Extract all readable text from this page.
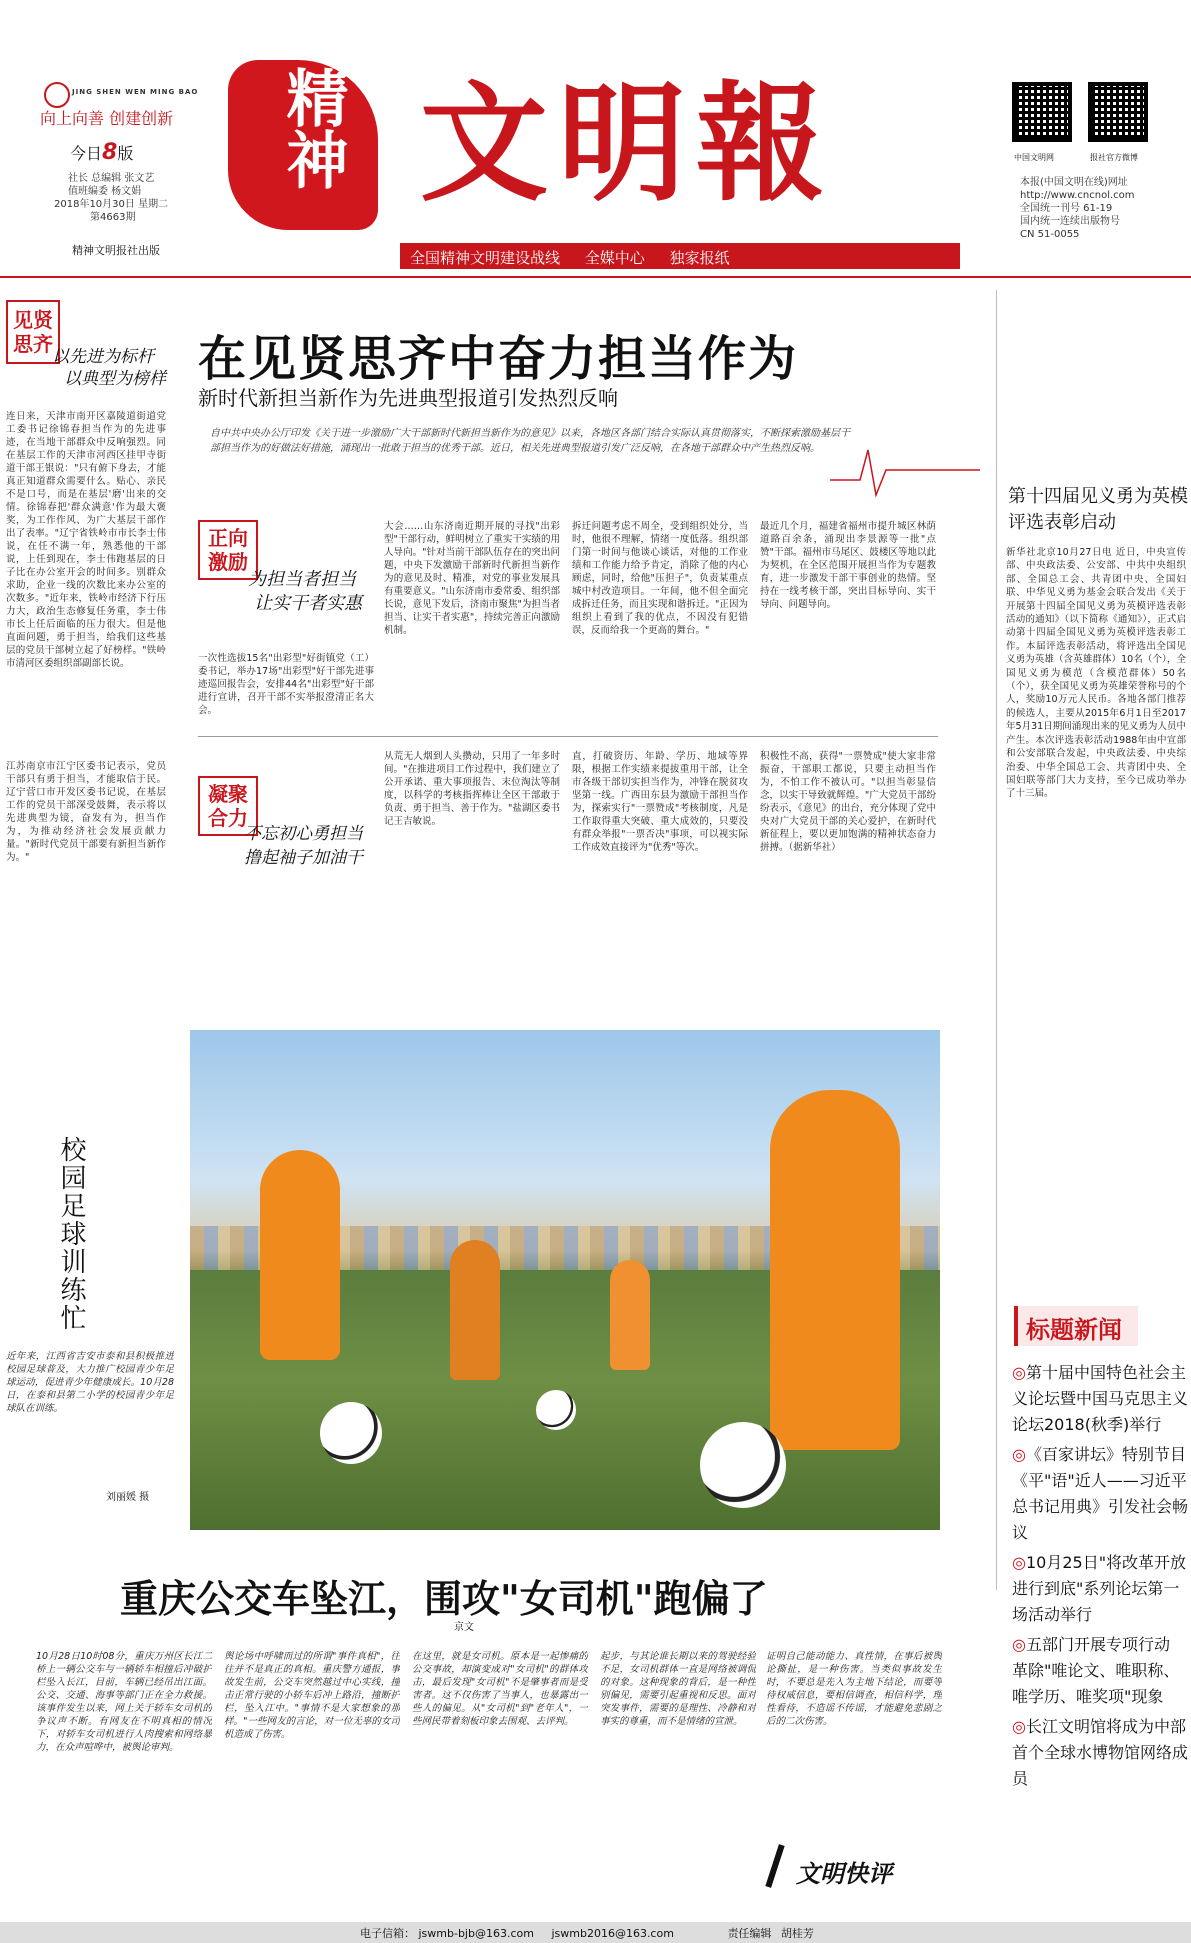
JING SHEN WEN MING BAO
向上向善 创建创新
今日8版
社长 总编辑 张文艺
值班编委 杨文娟
2018年10月30日 星期二
第4663期
精神文明报社出版
精神 文明報
全国精神文明建设战线 全媒中心 独家报纸
中国文明网	报社官方微博
本报(中国文明在线)网址
http://www.cncnol.com
全国统一刊号 61-19
国内统一连续出版物号
CN 51-0055
见贤思齐
以先进为标杆
以典型为榜样 在见贤思齐中奋力担当作为
新时代新担当新作为先进典型报道引发热烈反响
自中共中央办公厅印发《关于进一步激励广大干部新时代新担当新作为的意见》以来，各地区各部门结合实际认真贯彻落实，不断探索激励基层干部担当作为的好做法好措施，涌现出一批敢于担当的优秀干部。近日，相关先进典型报道引发广泛反响，在各地干部群众中产生热烈反响。
连日来，天津市南开区嘉陵道街道党工委书记徐锦春担当作为的先进事迹，在当地干部群众中反响强烈。同在基层工作的天津市河西区挂甲寺街道干部王银说："只有俯下身去，才能真正知道群众需要什么。贴心、亲民不是口号，而是在基层'磨'出来的交情。徐锦春把'群众满意'作为最大褒奖，为工作作风、为广大基层干部作出了表率。"辽宁省铁岭市市长李士伟说，在任不满一年，熟悉他的干部说，上任到现在，李士伟跑基层的日子比在办公室开会的时间多。别群众求助，企业一线的次数比来办公室的次数多。"近年来，铁岭市经济下行压力大，政治生态修复任务重，李士伟市长上任后面临的压力很大。但是他直面问题，勇于担当，给我们这些基层的党员干部树立起了好榜样。"铁岭市清河区委组织部副部长说。
江苏南京市江宁区委书记表示，党员干部只有勇于担当，才能取信于民。辽宁营口市开发区委书记说，在基层工作的党员干部深受鼓舞，表示将以先进典型为镜，奋发有为，担当作为，为推动经济社会发展贡献力量。"新时代党员干部要有新担当新作为。"
正向激励
为担当者担当
让实干者实惠
大会……山东济南近期开展的寻找"出彩型"干部行动，鲜明树立了重实干实绩的用人导向。"针对当前干部队伍存在的突出问题，中央下发激励干部新时代新担当新作为的意见及时、精准，对党的事业发展具有重要意义。"山东济南市委常委、组织部长说，意见下发后，济南市聚焦"为担当者担当、让实干者实惠"，持续完善正向激励机制。
一次性选拔15名"出彩型"好街镇党（工）委书记，举办17场"出彩型"好干部先进事迹巡回报告会，安排44名"出彩型"好干部进行宣讲，召开干部不实举报澄清正名大会。
拆迁问题考虑不周全，受到组织处分，当时，他很不理解，情绪一度低落。组织部门第一时间与他谈心谈话，对他的工作业绩和工作能力给予肯定，消除了他的内心顾虑，同时，给他"压担子"，负责某重点城中村改造项目。一年间，他不但全面完成拆迁任务，而且实现和谐拆迁。"正因为组织上看到了我的优点，不因没有犯错误，反而给我一个更高的舞台。"
最近几个月，福建省福州市提升城区林荫道路百余条，涌现出李景源等一批"点赞"干部。福州市马尾区、鼓楼区等地以此为契机，在全区范围开展担当作为专题教育，进一步激发干部干事创业的热情。坚持在一线考核干部，突出目标导向、实干导向、问题导向。
凝聚合力
不忘初心勇担当
撸起袖子加油干
从荒无人烟到人头攒动，只用了一年多时间。"在推进项目工作过程中，我们建立了公开承诺、重大事项报告、末位淘汰等制度，以科学的考核指挥棒让全区干部敢于负责、勇于担当、善于作为。"盐湖区委书记王吉敏说。
直，打破资历、年龄、学历、地域等界限，根据工作实绩来提拔重用干部，让全市各级干部切实担当作为，冲锋在脱贫攻坚第一线。广西田东县为激励干部担当作为，探索实行"一票赞成"考核制度，凡是工作取得重大突破、重大成效的，只要没有群众举报"一票否决"事项，可以视实际工作成效直接评为"优秀"等次。
积极性不高，获得"一票赞成"使大家非常振奋，干部职工都说，只要主动担当作为，不怕工作不被认可。"以担当彰显信念，以实干导致就辉煌。"广大党员干部纷纷表示，《意见》的出台，充分体现了党中央对广大党员干部的关心爱护，在新时代新征程上，要以更加饱满的精神状态奋力拼搏。（据新华社）
第十四届见义勇为英模评选表彰启动
新华社北京10月27日电 近日，中央宣传部、中央政法委、公安部、中共中央组织部、全国总工会、共青团中央、全国妇联、中华见义勇为基金会联合发出《关于开展第十四届全国见义勇为英模评选表彰活动的通知》（以下简称《通知》），正式启动第十四届全国见义勇为英模评选表彰工作。本届评选表彰活动，将评选出全国见义勇为英雄（含英雄群体）10名（个），全国见义勇为模范（含模范群体）50名（个），获全国见义勇为英雄荣誉称号的个人，奖励10万元人民币。各地各部门推荐的候选人，主要从2015年6月1日至2017年5月31日期间涌现出来的见义勇为人员中产生。本次评选表彰活动1988年由中宣部和公安部联合发起，中央政法委、中央综治委、中华全国总工会、共青团中央、全国妇联等部门大力支持，至今已成功举办了十三届。
校园足球训练忙
近年来，江西省吉安市泰和县积极推进校园足球普及，大力推广校园青少年足球运动，促进青少年健康成长。10月28日，在泰和县第二小学的校园青少年足球队在训练。
刘丽媛 摄
标题新闻
◎第十届中国特色社会主义论坛暨中国马克思主义论坛2018(秋季)举行
◎《百家讲坛》特别节目《平"语"近人——习近平总书记用典》引发社会畅议
◎10月25日"将改革开放进行到底"系列论坛第一场活动举行
◎五部门开展专项行动 革除"唯论文、唯职称、唯学历、唯奖项"现象
◎长江文明馆将成为中部首个全球水博物馆网络成员
重庆公交车坠江，围攻"女司机"跑偏了
京文
10月28日10时08分，重庆万州区长江二桥上一辆公交车与一辆轿车相撞后冲破护栏坠入长江，目前，车辆已经吊出江面。公交、交通、海事等部门正在全力救援。该事件发生以来，网上关于轿车女司机的争议声不断。有网友在不明真相的情况下，对轿车女司机进行人肉搜索和网络暴力，在众声喧哗中，被舆论审判。
舆论场中呼啸而过的所谓"事件真相"，往往并不是真正的真相。重庆警方通报，事故发生前，公交车突然越过中心实线，撞击正常行驶的小轿车后冲上路沿，撞断护栏，坠入江中。"事情不是大家想象的那样。"一些网友的言论，对一位无辜的女司机造成了伤害。
在这里，就是女司机。原本是一起惨痛的公交事故，却演变成对"女司机"的群体攻击，最后发现"女司机"不是肇事者而是受害者。这不仅伤害了当事人，也暴露出一些人的偏见。从"女司机"到"老年人"，一些网民带着刻板印象去围观、去评判。
起步，与其论谁长期以来的驾驶经验不足，女司机群体一直是网络被调侃的对象。这种现象的背后，是一种性别偏见，需要引起重视和反思。面对突发事件，需要的是理性、冷静和对事实的尊重，而不是情绪的宣泄。
证明自己能动能力、真性情，在事后被舆论撕扯，是一种伤害。当类似事故发生时，不要总是先入为主地下结论，而要等待权威信息，要相信调查，相信科学，理性看待，不造谣不传谣，才能避免悲剧之后的二次伤害。
文明快评
电子信箱： jswmb-bjb@163.com jswmb2016@163.com	责任编辑 胡桂芳
